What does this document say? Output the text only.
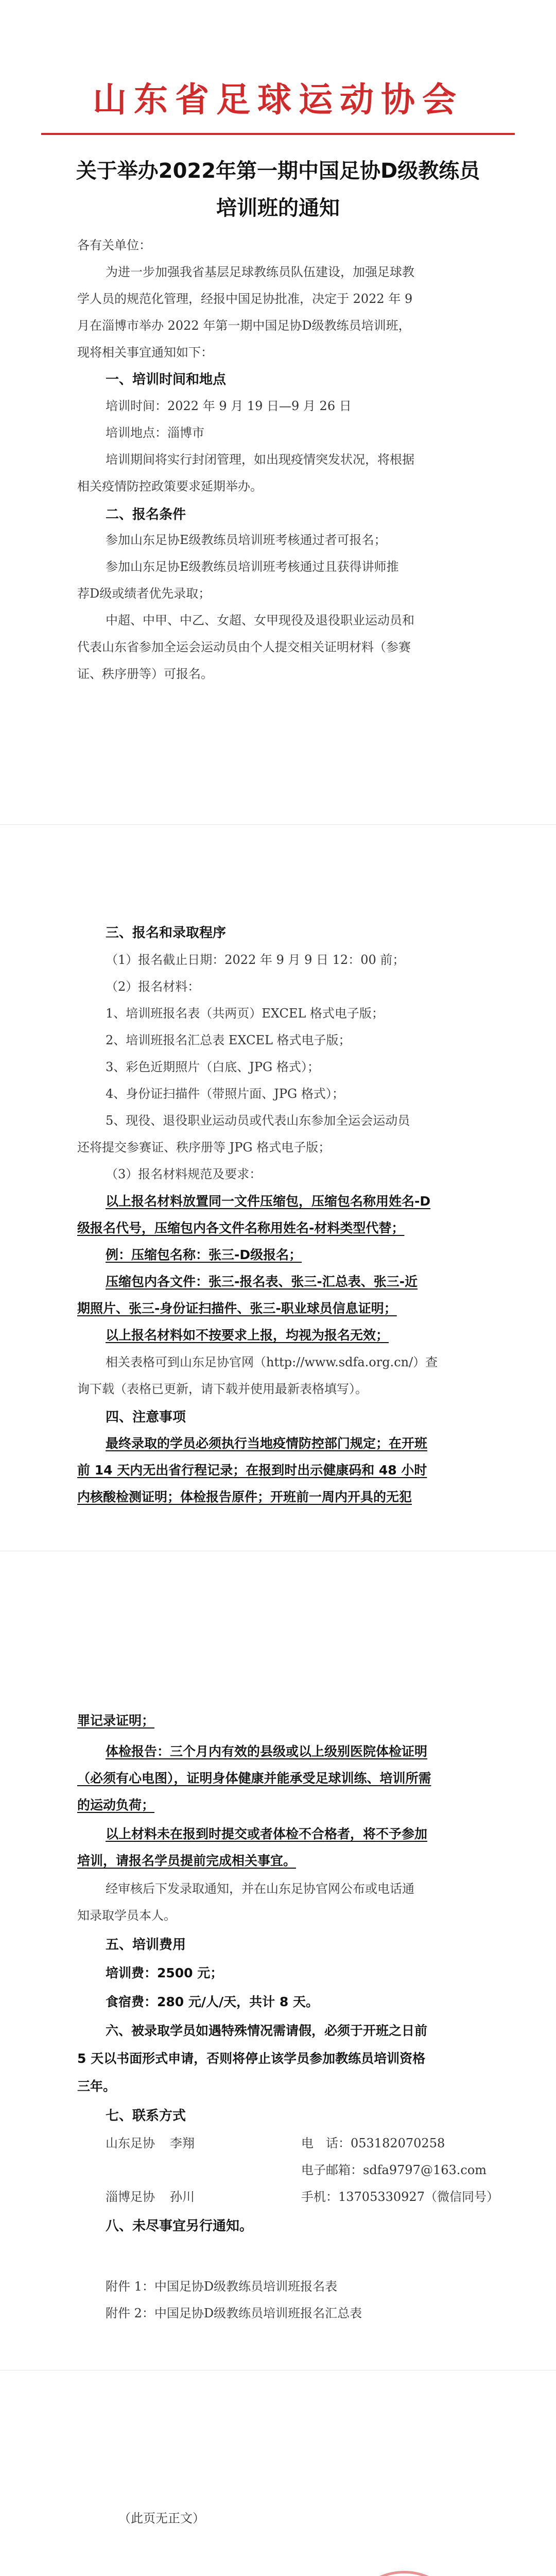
山东省足球运动协会
关于举办2022年第一期中国足协D级教练员
培训班的通知
各有关单位：
为进一步加强我省基层足球教练员队伍建设，加强足球教
学人员的规范化管理，经报中国足协批准，决定于 2022 年 9
月在淄博市举办 2022 年第一期中国足协D级教练员培训班，
现将相关事宜通知如下：
一、培训时间和地点
培训时间：2022 年 9 月 19 日—9 月 26 日
培训地点：淄博市
培训期间将实行封闭管理，如出现疫情突发状况，将根据
相关疫情防控政策要求延期举办。
二、报名条件
参加山东足协E级教练员培训班考核通过者可报名；
参加山东足协E级教练员培训班考核通过且获得讲师推
荐D级或绩者优先录取；
中超、中甲、中乙、女超、女甲现役及退役职业运动员和
代表山东省参加全运会运动员由个人提交相关证明材料（参赛
证、秩序册等）可报名。
三、报名和录取程序
（1）报名截止日期：2022 年 9 月 9 日 12：00 前；
（2）报名材料：
1、培训班报名表（共两页）EXCEL 格式电子版；
2、培训班报名汇总表 EXCEL 格式电子版；
3、彩色近期照片（白底、JPG 格式）；
4、身份证扫描件（带照片面、JPG 格式）；
5、现役、退役职业运动员或代表山东参加全运会运动员
还将提交参赛证、秩序册等 JPG 格式电子版；
（3）报名材料规范及要求：
以上报名材料放置同一文件压缩包，压缩包名称用姓名-D
级报名代号，压缩包内各文件名称用姓名-材料类型代替；
例：压缩包名称：张三-D级报名；
压缩包内各文件：张三-报名表、张三-汇总表、张三-近
期照片、张三-身份证扫描件、张三-职业球员信息证明；
以上报名材料如不按要求上报，均视为报名无效；
相关表格可到山东足协官网（http://www.sdfa.org.cn/）查
询下载（表格已更新，请下载并使用最新表格填写）。
四、注意事项
最终录取的学员必须执行当地疫情防控部门规定；在开班
前 14 天内无出省行程记录；在报到时出示健康码和 48 小时
内核酸检测证明；体检报告原件；开班前一周内开具的无犯
罪记录证明；
体检报告：三个月内有效的县级或以上级别医院体检证明
（必须有心电图），证明身体健康并能承受足球训练、培训所需
的运动负荷；
以上材料未在报到时提交或者体检不合格者，将不予参加
培训，请报名学员提前完成相关事宜。
经审核后下发录取通知，并在山东足协官网公布或电话通
知录取学员本人。
五、培训费用
培训费：2500 元；
食宿费：280 元/人/天，共计 8 天。
六、被录取学员如遇特殊情况需请假，必须于开班之日前
5 天以书面形式申请，否则将停止该学员参加教练员培训资格
三年。
七、联系方式
山东足协 李翔	电　话：053182070258
电子邮箱：sdfa9797@163.com
淄博足协 孙川	手机：13705330927（微信同号）
八、未尽事宜另行通知。
附件 1：中国足协D级教练员培训班报名表
附件 2：中国足协D级教练员培训班报名汇总表
（此页无正文）
